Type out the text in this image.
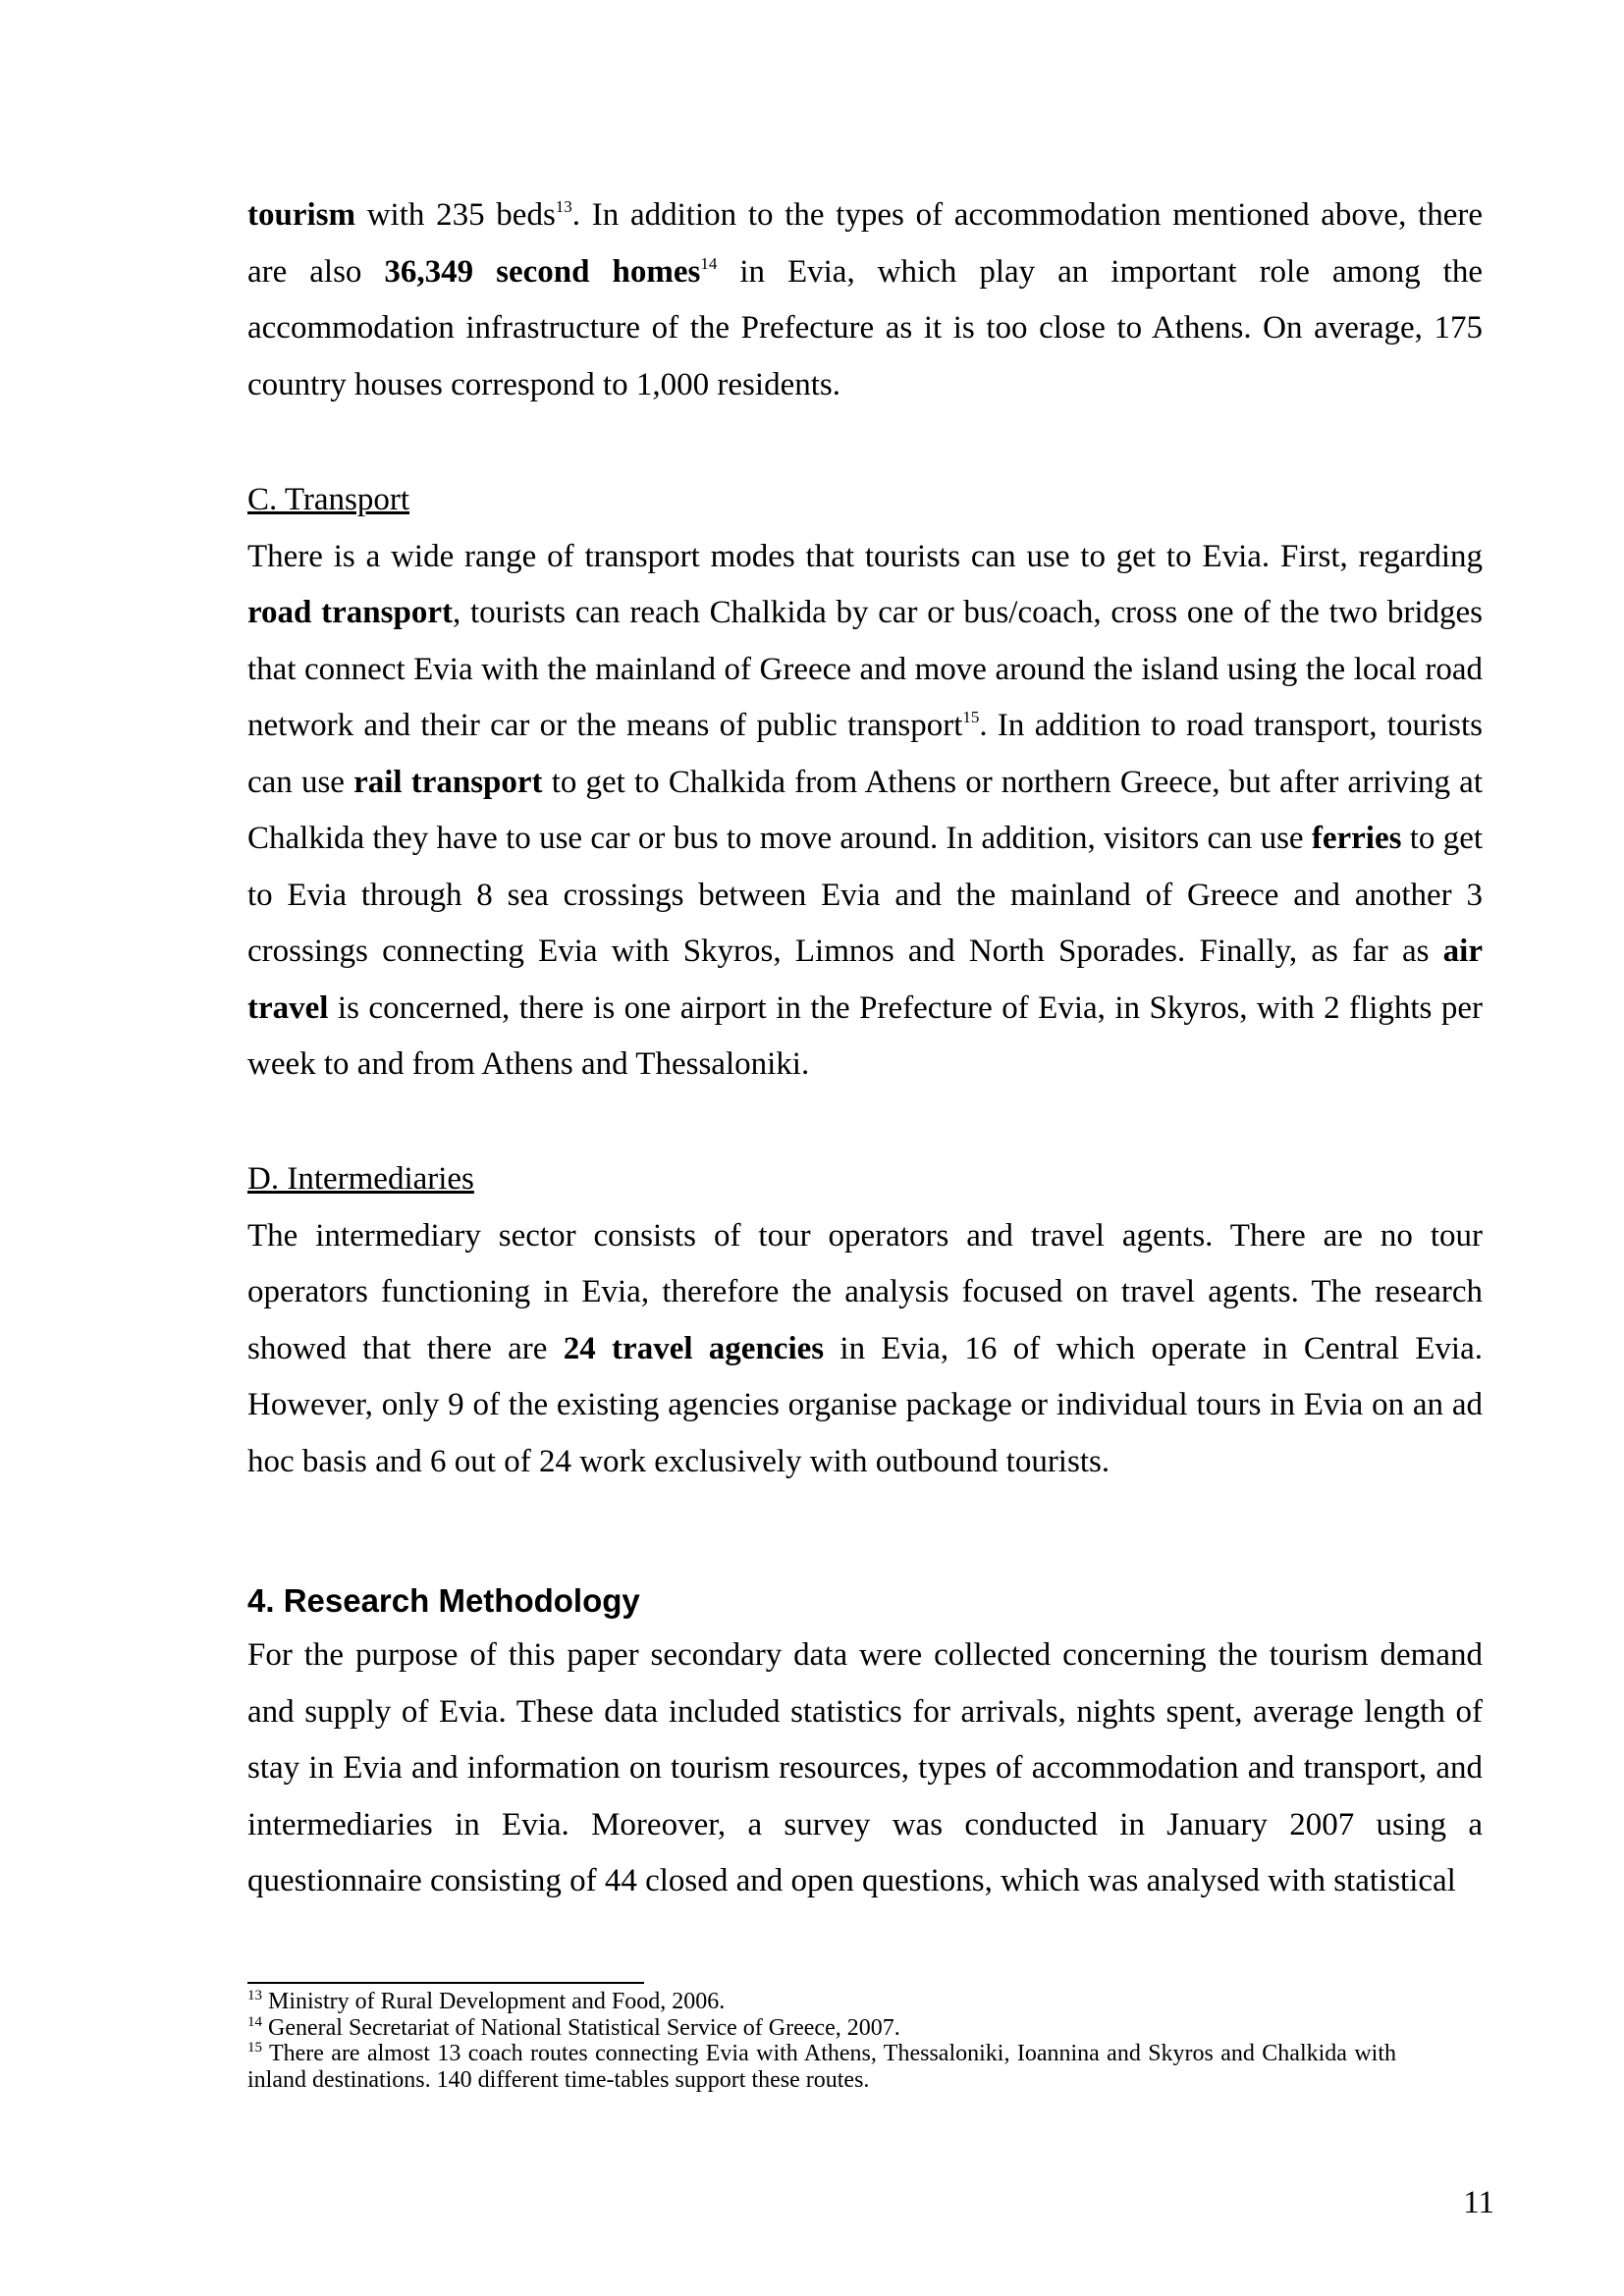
tourism with 235 beds$^{13}$. In addition to the types of accommodation mentioned above, there are also 36,349 second homes$^{14}$ in Evia, which play an important role among the accommodation infrastructure of the Prefecture as it is too close to Athens. On average, 175 country houses correspond to 1,000 residents.

C. Transport

There is a wide range of transport modes that tourists can use to get to Evia. First, regarding road transport, tourists can reach Chalkida by car or bus/coach, cross one of the two bridges that connect Evia with the mainland of Greece and move around the island using the local road network and their car or the means of public transport$^{15}$. In addition to road transport, tourists can use rail transport to get to Chalkida from Athens or northern Greece, but after arriving at Chalkida they have to use car or bus to move around. In addition, visitors can use ferries to get to Evia through 8 sea crossings between Evia and the mainland of Greece and another 3 crossings connecting Evia with Skyros, Limnos and North Sporades. Finally, as far as air travel is concerned, there is one airport in the Prefecture of Evia, in Skyros, with 2 flights per week to and from Athens and Thessaloniki.

D. Intermediaries

The intermediary sector consists of tour operators and travel agents. There are no tour operators functioning in Evia, therefore the analysis focused on travel agents. The research showed that there are 24 travel agencies in Evia, 16 of which operate in Central Evia. However, only 9 of the existing agencies organise package or individual tours in Evia on an ad hoc basis and 6 out of 24 work exclusively with outbound tourists.

4. Research Methodology

For the purpose of this paper secondary data were collected concerning the tourism demand and supply of Evia. These data included statistics for arrivals, nights spent, average length of stay in Evia and information on tourism resources, types of accommodation and transport, and intermediaries in Evia. Moreover, a survey was conducted in January 2007 using a questionnaire consisting of 44 closed and open questions, which was analysed with statistical

$^{13}$ Ministry of Rural Development and Food, 2006.

$^{14}$ General Secretariat of National Statistical Service of Greece, 2007.

$^{15}$ There are almost 13 coach routes connecting Evia with Athens, Thessaloniki, Ioannina and Skyros and Chalkida with inland destinations. 140 different time-tables support these routes.

11
